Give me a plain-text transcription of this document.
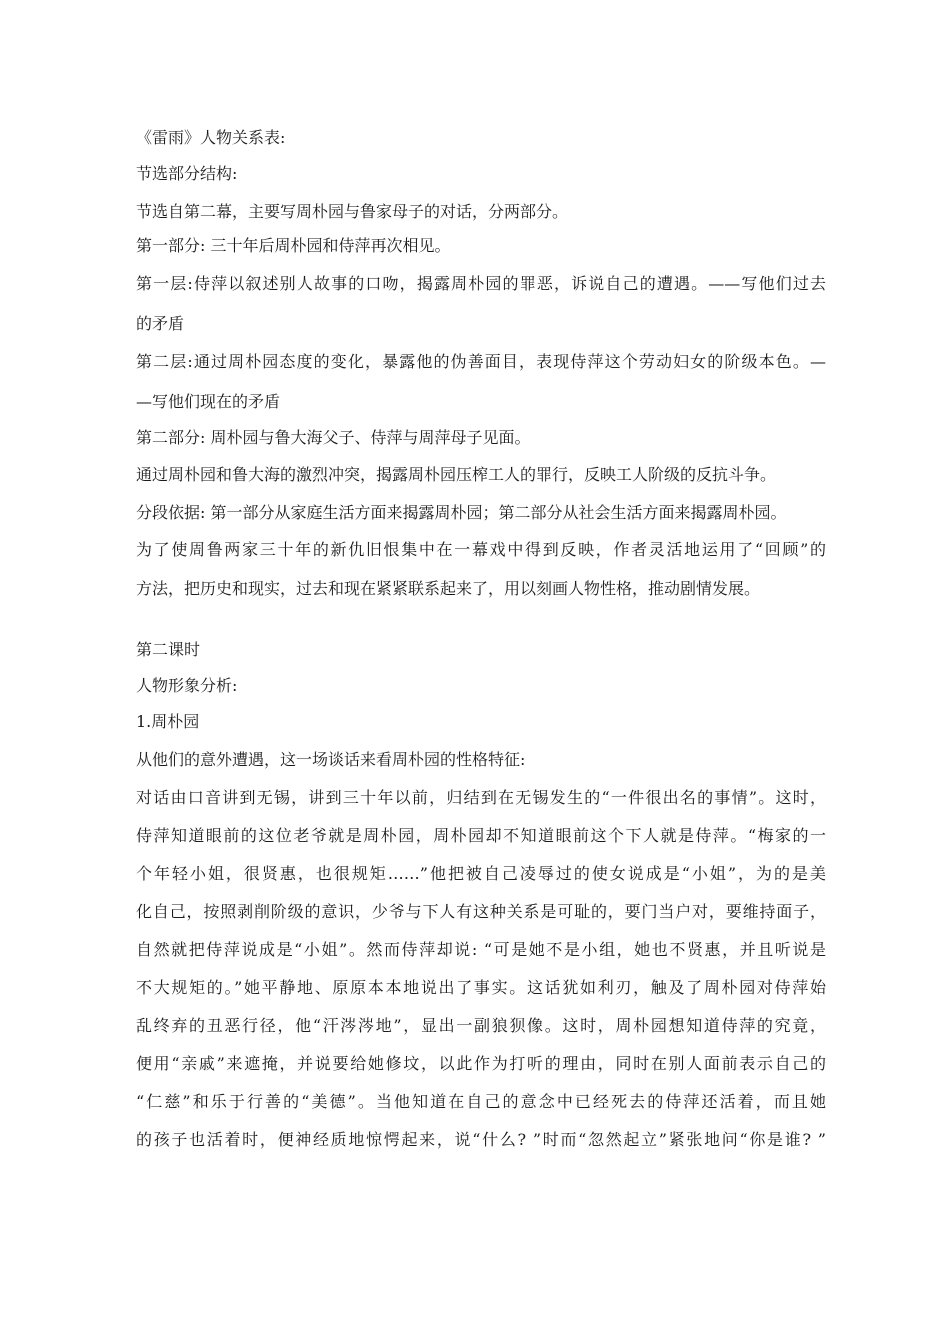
《雷雨》人物关系表:

节选部分结构:

节选自第二幕，主要写周朴园与鲁家母子的对话，分两部分。

第一部分: 三十年后周朴园和侍萍再次相见。

第一层:侍萍以叙述别人故事的口吻，揭露周朴园的罪恶，诉说自己的遭遇。——写他们过去

的矛盾

第二层:通过周朴园态度的变化，暴露他的伪善面目，表现侍萍这个劳动妇女的阶级本色。—

—写他们现在的矛盾

第二部分: 周朴园与鲁大海父子、侍萍与周萍母子见面。

通过周朴园和鲁大海的激烈冲突，揭露周朴园压榨工人的罪行，反映工人阶级的反抗斗争。

分段依据: 第一部分从家庭生活方面来揭露周朴园；第二部分从社会生活方面来揭露周朴园。

为了使周鲁两家三十年的新仇旧恨集中在一幕戏中得到反映，作者灵活地运用了“回顾”的

方法，把历史和现实，过去和现在紧紧联系起来了，用以刻画人物性格，推动剧情发展。

第二课时

人物形象分析:

1.周朴园

从他们的意外遭遇，这一场谈话来看周朴园的性格特征:

对话由口音讲到无锡，讲到三十年以前，归结到在无锡发生的“一件很出名的事情”。这时，

侍萍知道眼前的这位老爷就是周朴园，周朴园却不知道眼前这个下人就是侍萍。“梅家的一

个年轻小姐，很贤惠，也很规矩……”他把被自己凌辱过的使女说成是“小姐”，为的是美

化自己，按照剥削阶级的意识，少爷与下人有这种关系是可耻的，要门当户对，要维持面子，

自然就把侍萍说成是“小姐”。然而侍萍却说: “可是她不是小组，她也不贤惠，并且听说是

不大规矩的。”她平静地、原原本本地说出了事实。这话犹如利刃，触及了周朴园对侍萍始

乱终弃的丑恶行径，他“汗涔涔地”，显出一副狼狈像。这时，周朴园想知道侍萍的究竟，

便用“亲戚”来遮掩，并说要给她修坟，以此作为打听的理由，同时在别人面前表示自己的

“仁慈”和乐于行善的“美德”。当他知道在自己的意念中已经死去的侍萍还活着，而且她

的孩子也活着时，便神经质地惊愕起来，说“什么? ”时而“忽然起立”紧张地问“你是谁? ”
